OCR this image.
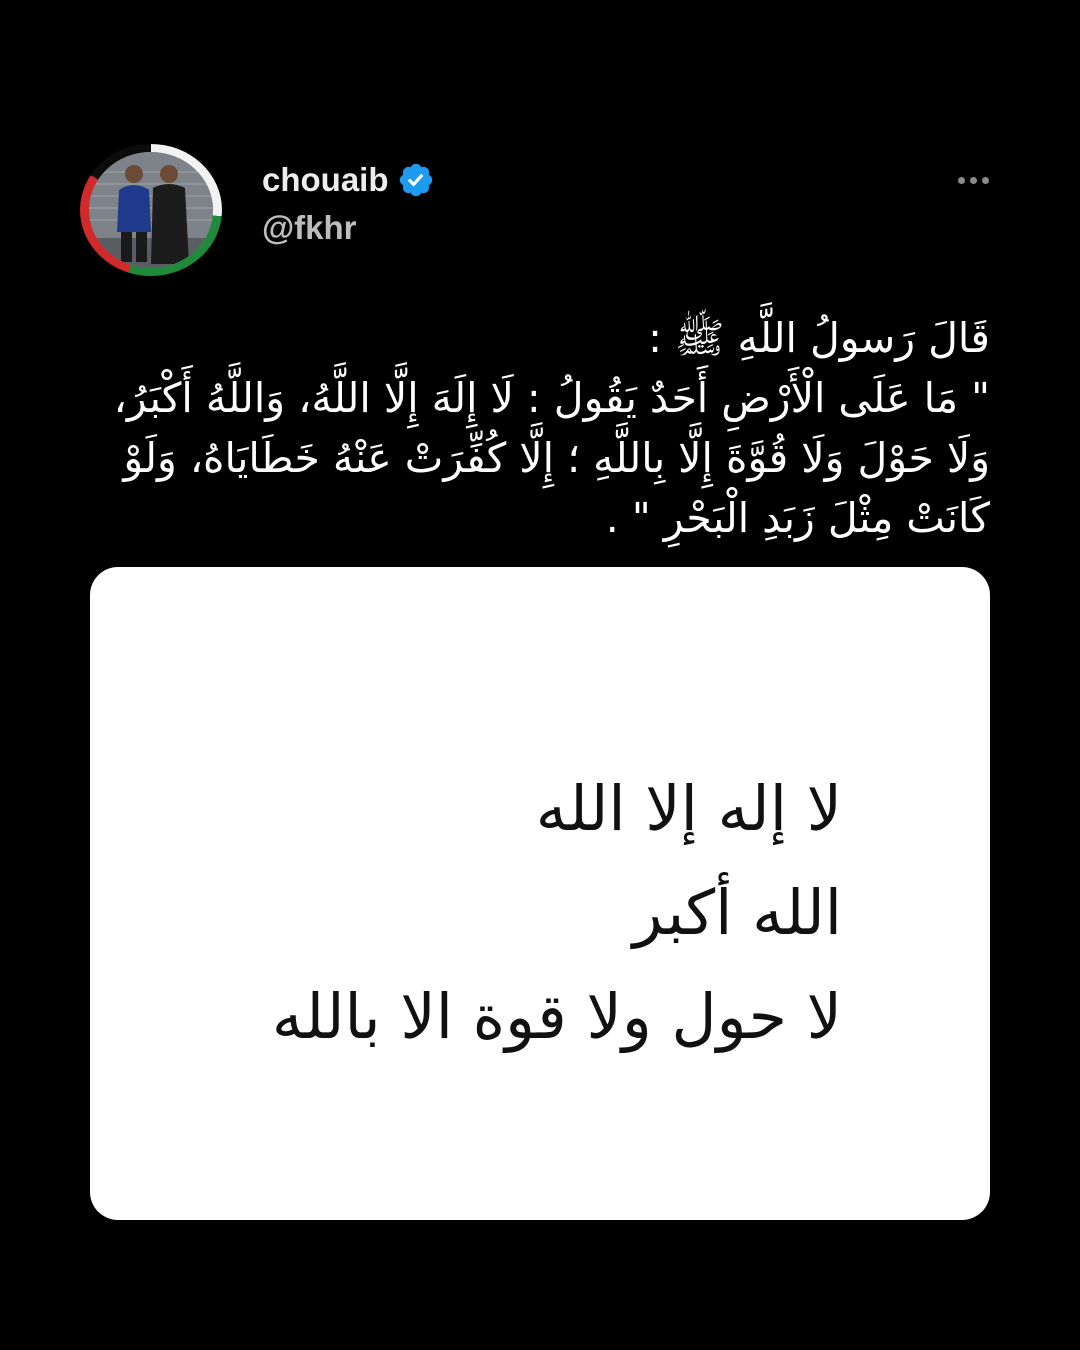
chouaib
@fkhr

قَالَ رَسولُ اللَّهِ ﷺ :

" مَا عَلَى الْأَرْضِ أَحَدٌ يَقُولُ : لَا إِلَهَ إِلَّا اللَّهُ، وَاللَّهُ أَكْبَرُ، وَلَا حَوْلَ وَلَا قُوَّةَ إِلَّا بِاللَّهِ ؛ إِلَّا كُفِّرَتْ عَنْهُ خَطَايَاهُ، وَلَوْ كَانَتْ مِثْلَ زَبَدِ الْبَحْرِ " .

لا إله إلا الله
الله أكبر
لا حول ولا قوة الا بالله
